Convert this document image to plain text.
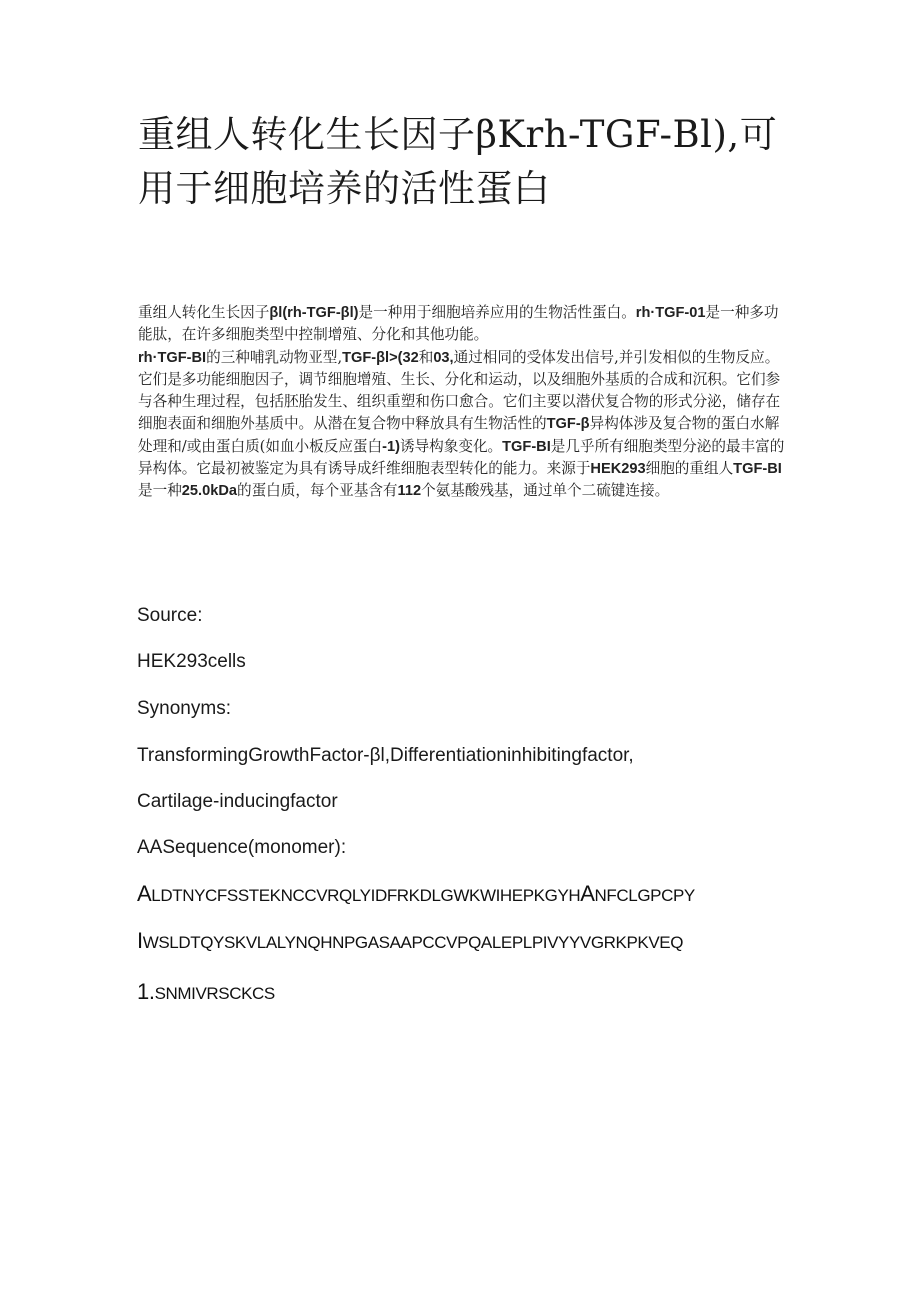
重组人转化生长因子βKrh-TGF-Bl),可用于细胞培养的活性蛋白

重组人转化生长因子βl(rh-TGF-βl)是一种用于细胞培养应用的生物活性蛋白。rh·TGF-01是一种多功能肽，在许多细胞类型中控制增殖、分化和其他功能。

rh·TGF-BI的三种哺乳动物亚型,TGF-βl>(32和03,通过相同的受体发出信号,并引发相似的生物反应。它们是多功能细胞因子，调节细胞增殖、生长、分化和运动，以及细胞外基质的合成和沉积。它们参与各种生理过程，包括胚胎发生、组织重塑和伤口愈合。它们主要以潜伏复合物的形式分泌，储存在细胞表面和细胞外基质中。从潜在复合物中释放具有生物活性的TGF-β异构体涉及复合物的蛋白水解处理和/或由蛋白质(如血小板反应蛋白-1)诱导构象变化。TGF-BI是几乎所有细胞类型分泌的最丰富的异构体。它最初被鉴定为具有诱导成纤维细胞表型转化的能力。来源于HEK293细胞的重组人TGF-BI是一种25.0kDa的蛋白质，每个亚基含有112个氨基酸残基，通过单个二硫键连接。

Source:
HEK293cells
Synonyms:
TransformingGrowthFactor-βl,Differentiationinhibitingfactor,
Cartilage-inducingfactor
AASequence(monomer):
ALDTNYCFSSTEKNCCVRQLYIDFRKDLGWKWIHEPKGYHANFCLGPCPY
IWSLDTQYSKVLALYNQHNPGASAAPCCVPQALEPLPIVYYVGRKPKVEQ
1.SNMIVRSCKCS
